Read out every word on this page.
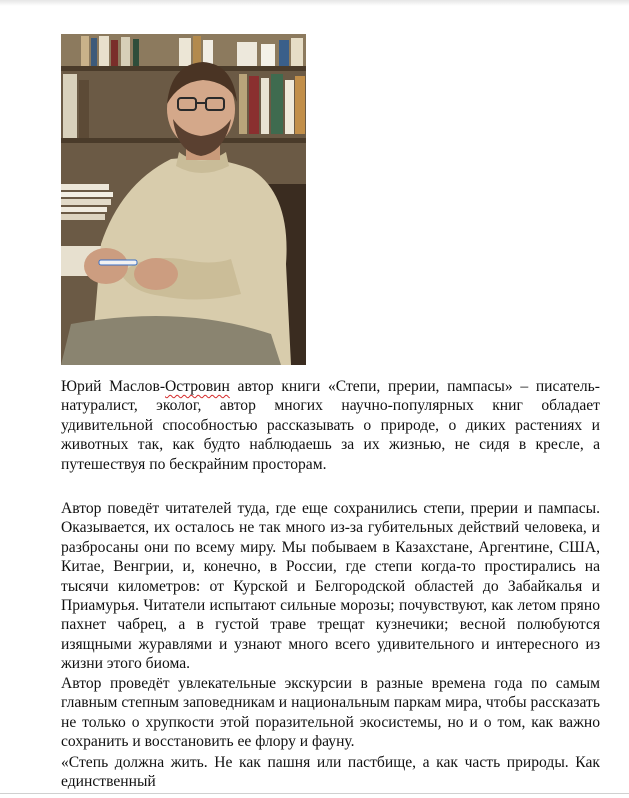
Юрий Маслов-Островин автор книги «Степи, прерии, пампасы» – писатель-натуралист, эколог, автор многих научно-популярных книг обладает удивительной способностью рассказывать о природе, о диких растениях и животных так, как будто наблюдаешь за их жизнью, не сидя в кресле, а путешествуя по бескрайним просторам.
Автор поведёт читателей туда, где еще сохранились степи, прерии и пампасы. Оказывается, их осталось не так много из-за губительных действий человека, и разбросаны они по всему миру. Мы побываем в Казахстане, Аргентине, США, Китае, Венгрии, и, конечно, в России, где степи когда-то простирались на тысячи километров: от Курской и Белгородской областей до Забайкалья и Приамурья. Читатели испытают сильные морозы; почувствуют, как летом пряно пахнет чабрец, а в густой траве трещат кузнечики; весной полюбуются изящными журавлями и узнают много всего удивительного и интересного из жизни этого биома.
Автор проведёт увлекательные экскурсии в разные времена года по самым главным степным заповедникам и национальным паркам мира, чтобы рассказать не только о хрупкости этой поразительной экосистемы, но и о том, как важно сохранить и восстановить ее флору и фауну.
«Степь должна жить. Не как пашня или пастбище, а как часть природы. Как единственный
